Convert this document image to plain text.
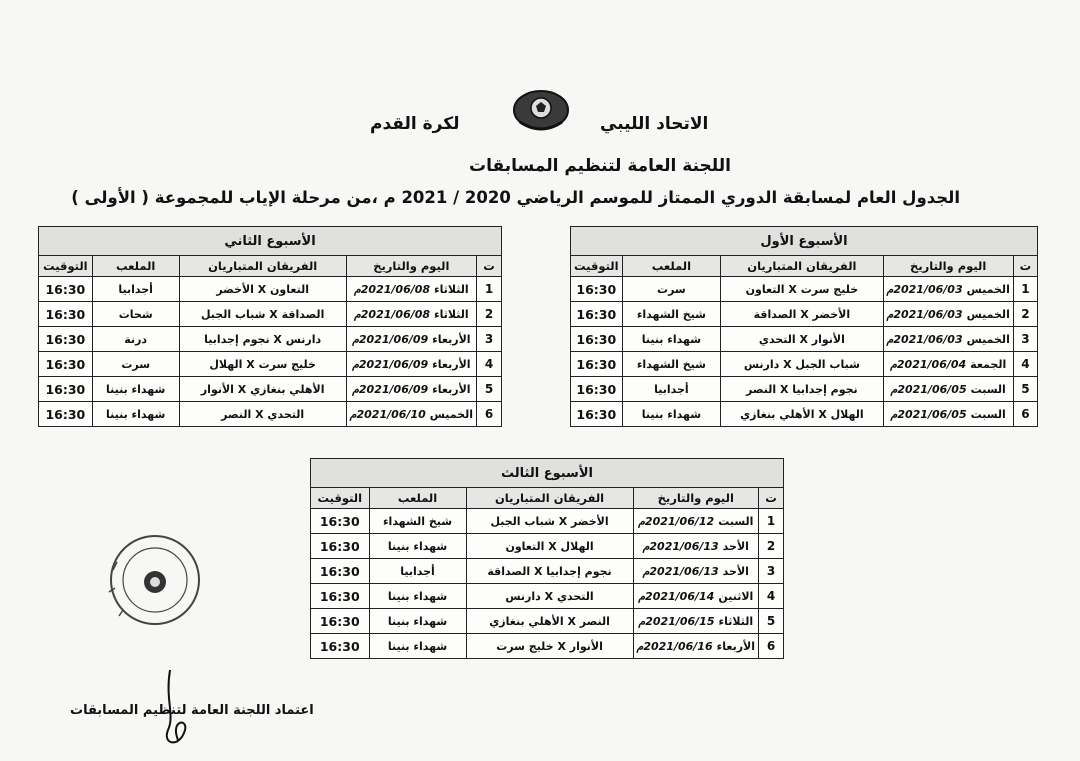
الاتحاد الليبي
لكرة القدم
اللجنة العامة لتنظيم المسابقات
الجدول العام لمسابقة الدوري الممتاز للموسم الرياضي 2020 / 2021 م ،من مرحلة الإياب للمجموعة ( الأولى )
الأسبوع الأول				
ت	اليوم والتاريخ	الفريقان المتباريان	الملعب	التوقيت
1	الخميس2021/06/03م	خليج سرت X التعاون	سرت	16:30
2	الخميس2021/06/03م	الأخضر X الصداقة	شيخ الشهداء	16:30
3	الخميس2021/06/03م	الأنوار X التحدي	شهداء بنينا	16:30
4	الجمعة2021/06/04م	شباب الجبل X دارنس	شيخ الشهداء	16:30
5	السبت2021/06/05م	نجوم إجدابيا X النصر	أجدابيا	16:30
6	السبت2021/06/05م	الهلال X الأهلي بنغازي	شهداء بنينا	16:30
الأسبوع الثاني				
ت	اليوم والتاريخ	الفريقان المتباريان	الملعب	التوقيت
1	الثلاثاء2021/06/08م	التعاون X الأخضر	أجدابيا	16:30
2	الثلاثاء2021/06/08م	الصداقة X شباب الجبل	شحات	16:30
3	الأربعاء2021/06/09م	دارنس X نجوم إجدابيا	درنة	16:30
4	الأربعاء2021/06/09م	خليج سرت X الهلال	سرت	16:30
5	الأربعاء2021/06/09م	الأهلي بنغازي X الأنوار	شهداء بنينا	16:30
6	الخميس2021/06/10م	التحدي X النصر	شهداء بنينا	16:30
الأسبوع الثالث				
ت	اليوم والتاريخ	الفريقان المتباريان	الملعب	التوقيت
1	السبت2021/06/12م	الأخضر X شباب الجبل	شيخ الشهداء	16:30
2	الأحد2021/06/13م	الهلال X التعاون	شهداء بنينا	16:30
3	الأحد2021/06/13م	نجوم إجدابيا X الصداقة	أجدابيا	16:30
4	الاثنين2021/06/14م	التحدي X دارنس	شهداء بنينا	16:30
5	الثلاثاء2021/06/15م	النصر X الأهلي بنغازي	شهداء بنينا	16:30
6	الأربعاء2021/06/16م	الأنوار X خليج سرت	شهداء بنينا	16:30
اعتماد اللجنة العامة لتنظيم المسابقات
